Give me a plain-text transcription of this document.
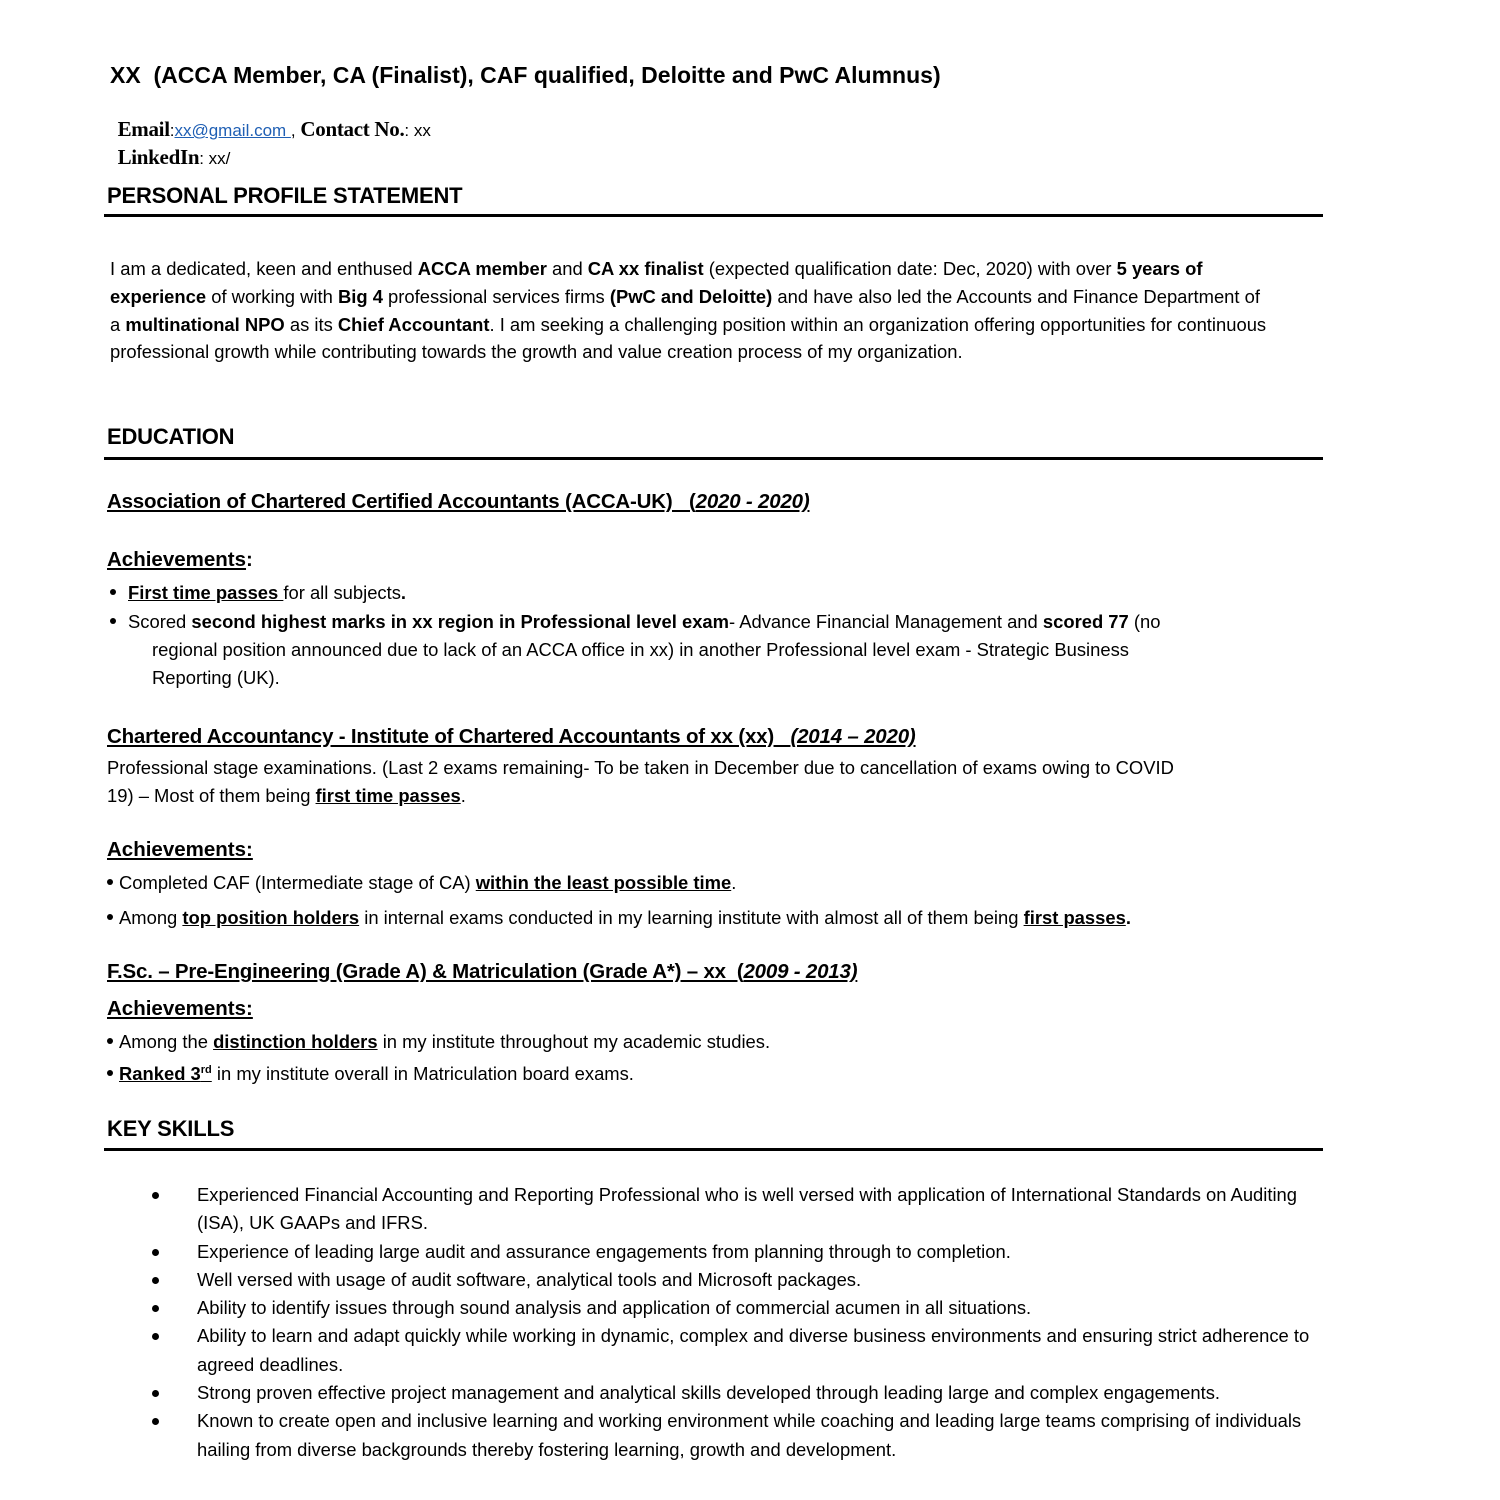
XX  (ACCA Member, CA (Finalist), CAF qualified, Deloitte and PwC Alumnus)

Email:xx@gmail.com , Contact No.: xx

LinkedIn: xx/

PERSONAL PROFILE STATEMENT
I am a dedicated, keen and enthused ACCA member and CA xx finalist (expected qualification date: Dec, 2020) with over 5 years of experience of working with Big 4 professional services firms (PwC and Deloitte) and have also led the Accounts and Finance Department of a multinational NPO as its Chief Accountant. I am seeking a challenging position within an organization offering opportunities for continuous professional growth while contributing towards the growth and value creation process of my organization.
EDUCATION
Association of Chartered Certified Accountants (ACCA-UK)   (2020 - 2020)
Achievements:
First time passes for all subjects.
Scored second highest marks in xx region in Professional level exam- Advance Financial Management and scored 77 (no
regional position announced due to lack of an ACCA office in xx) in another Professional level exam - Strategic Business
Reporting (UK).
Chartered Accountancy - Institute of Chartered Accountants of xx (xx)   (2014 – 2020)
Professional stage examinations. (Last 2 exams remaining- To be taken in December due to cancellation of exams owing to COVID
19) – Most of them being first time passes.
Achievements:
Completed CAF (Intermediate stage of CA) within the least possible time.
Among top position holders in internal exams conducted in my learning institute with almost all of them being first passes.
F.Sc. – Pre-Engineering (Grade A) & Matriculation (Grade A*) – xx  (2009 - 2013)
Achievements:
Among the distinction holders in my institute throughout my academic studies.
Ranked 3rd in my institute overall in Matriculation board exams.
KEY SKILLS
Experienced Financial Accounting and Reporting Professional who is well versed with application of International Standards on Auditing (ISA), UK GAAPs and IFRS.
Experience of leading large audit and assurance engagements from planning through to completion.
Well versed with usage of audit software, analytical tools and Microsoft packages.
Ability to identify issues through sound analysis and application of commercial acumen in all situations.
Ability to learn and adapt quickly while working in dynamic, complex and diverse business environments and ensuring strict adherence to agreed deadlines.
Strong proven effective project management and analytical skills developed through leading large and complex engagements.
Known to create open and inclusive learning and working environment while coaching and leading large teams comprising of individuals hailing from diverse backgrounds thereby fostering learning, growth and development.
